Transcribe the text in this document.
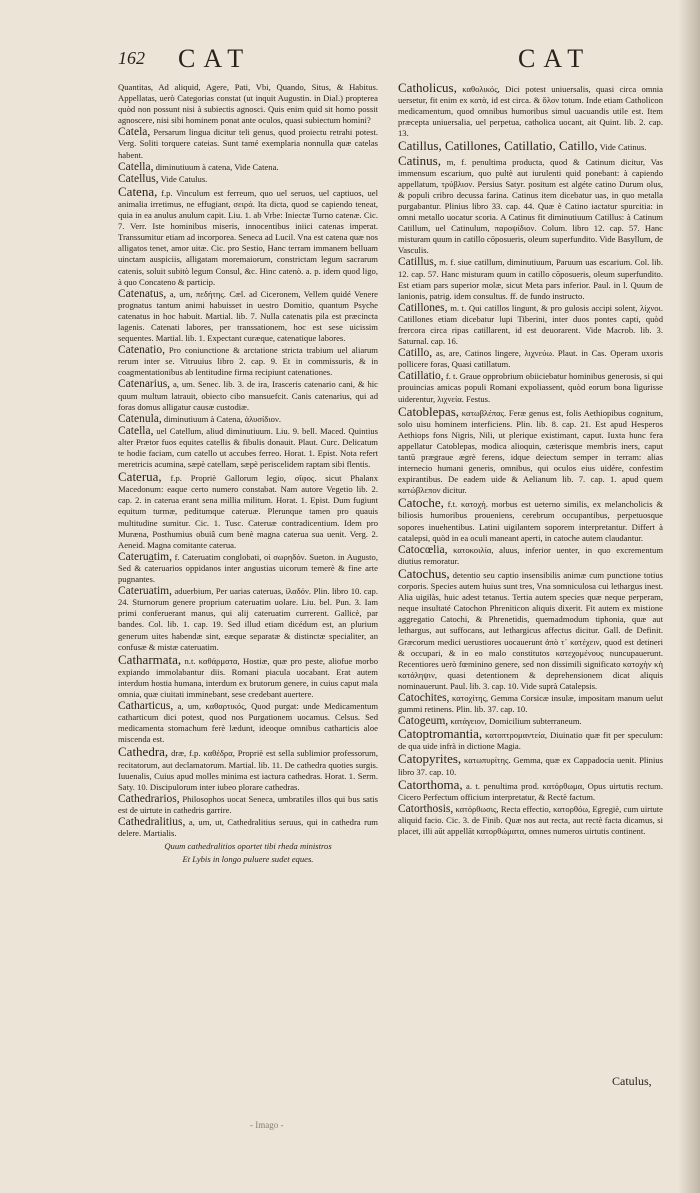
162 CAT	CAT
Quantitas, Ad aliquid, Agere, Pati, Vbi, Quando, Situs, & Habitus. Appellatas, uerò Categorias constat (ut inquit Augustin. in Dial.) propterea quòd non possunt nisi à subiectis agnosci. Quis enim quid sit homo possit agnoscere, nisi sibi hominem ponat ante oculos, quasi subiectum homini?
Catela, Persarum lingua dicitur teli genus, quod proiectu retrahi potest. Verg. Soliti torquere cateias. Sunt tamé exemplaria nonnulla quæ catelas habent.
Catella, diminutiuum à catena, Vide Catena.
Catellus, Vide Catulus.
Catena, f.p. Vinculum est ferreum, quo uel seruos, uel captiuos, uel animalia irretimus, ne effugiant, σειρά. Ita dicta, quod se capiendo teneat, quia in ea anulus anulum capit. Liu. 1. ab Vrbe: Iniectæ Turno catenæ. Cic. 7. Verr. Iste hominibus miseris, innocentibus iniici catenas imperat. Transsumitur etiam ad incorporea. Seneca ad Lucil. Vna est catena quæ nos alligatos tenet, amor uitæ. Cic. pro Sestio, Hanc terram immanem belluam uinctam auspiciis, alligatam moremaiorum, constrictam legum sacrarum catenis, soluit subitò legum Consul, &c. Hinc catenò. a. p. idem quod ligo, à quo Concateno & particip.
Catenatus, a, um, πεδήτης. Cæl. ad Ciceronem, Vellem quidé Venere prognatus tantum animi habuisset in uestro Domitio, quantum Psyche catenatus in hoc habuit. Martial. lib. 7. Nulla catenatis pila est præcincta lagenis. Catenati labores, per transsationem, hoc est sese uicissim sequentes. Martial. lib. 1. Expectant curæque, catenatique labores.
Catenatio, Pro coniunctione & arctatione stricta trabium uel aliarum rerum inter se. Vitruuius libro 2. cap. 9. Et in commissuris, & in coagmentationibus ab lentitudine firma recipiunt catenationes.
Catenarius, a, um. Senec. lib. 3. de ira, Irasceris catenario cani, & hic quum multum latrauit, obiecto cibo mansuefcit. Canis catenarius, qui ad foras domus alligatur causæ custodiæ.
Catenula, diminutiuum à Catena, ἁλυσίδιον.
Catella, uel Catellum, aliud diminutiuum. Liu. 9. bell. Maced. Quintius alter Prætor fuos equites catellis & fibulis donauit. Plaut. Curc. Delicatum te hodie faciam, cum catello ut accubes ferreo. Horat. 1. Epist. Nota refert meretricis acumina, sæpè catellam, sæpè periscelidem raptam sibi flentis.
Caterua, f.p. Propriè Gallorum legio, σῖφος. sicut Phalanx Macedonum: eaque certo numero constabat. Nam autore Vegetio lib. 2. cap. 2. in caterua erant sena millia militum. Horat. 1. Epist. Dum fugiunt equitum turmæ, peditumque cateruæ. Plerunque tamen pro quauis multitudine sumitur. Cic. 1. Tusc. Cateruæ contradicentium. Idem pro Muræna, Posthumius obuiâ cum benè magna caterua sua uenit. Verg. 2. Aeneid. Magna comitante caterua.
Caterua̲tim, f. Cateruatim conglobati, οἱ σωρηδόν. Sueton. in Augusto, Sed & cateruarios oppidanos inter angustias uicorum temerè & fine arte pugnantes.
Cateruatim, aduerbium, Per uarias cateruas, ἰλαδόν. Plin. libro 10. cap. 24. Sturnorum genere proprium cateruatim uolare. Liu. bel. Pun. 3. Iam primi conferuerant manus, qui alij cateruatim currerent. Gallicè, par bandes. Col. lib. 1. cap. 19. Sed illud etiam dicédum est, an plurium generum uites habendæ sint, eæque separatæ & distinctæ specialiter, an confusæ & mistæ cateruatim.
Catharmata, n.t. καθάρματα, Hostiæ, quæ pro peste, aliofue morbo expiando immolabantur diis. Romani piacula uocabant. Erat autem interdum hostia humana, interdum ex brutorum genere, in cuius caput mala omnia, quæ ciuitati imminebant, sese credebant auertere.
Catharticus, a, um, καθαρτικός, Quod purgat: unde Medicamentum catharticum dici potest, quod nos Purgationem uocamus. Celsus. Sed medicamenta stomachum ferè lædunt, ideoque omnibus catharticis aloe miscenda est.
Cathedra, dræ, f.p. καθέδρα, Propriè est sella sublimior professorum, recitatorum, aut declamatorum. Martial. lib. 11. De cathedra quoties surgis. Iuuenalis, Cuius apud molles minima est iactura cathedras. Horat. 1. Serm. Saty. 10. Discipulorum inter iubeo plorare cathedras.
Cathedrarios, Philosophos uocat Seneca, umbratiles illos qui bus satis est de uirtute in cathedris garrire.
Cathedralitius, a, um, ut, Cathedralitius seruus, qui in cathedra rum delere. Martialis.
Quum cathedralitios oportet tibi rheda ministros
Et Lybis in longo puluere sudet eques.
Catholicus, καθολικός, Dici potest uniuersalis, quasi circa omnia uersetur, fit enim ex κατὰ, id est circa. & ὅλον totum. Inde etiam Catholicon medicamentum, quod omnibus humoribus simul uacuandis utile est. Item præcepta uniuersalia, uel perpetua, catholica uocant, ait Quint. lib. 2. cap. 13.
Catillus, Catillones, Catillatio, Catillo, Vide Catinus.
Catinus, m, f. penultima producta, quod & Catinum dicitur, Vas immensum escarium, quo pultè aut iurulenti quid ponebant: à capiendo appellatum, τρύβλιον. Persius Satyr. positum est algéte catino Durum olus, & populi cribro decussa farina. Catinus item dicebatur uas, in quo metalla purgabantur. Plinius libro 33. cap. 44. Quæ è Catino iactatur spurcitia: in omni metallo uocatur scoria. A Catinus fit diminutiuum Catillus: à Catinum Catillum, uel Catinulum, παροψίδιον. Colum. libro 12. cap. 57. Hanc misturam quum in catillo cōposueris, oleum superfundito. Vide Basyllum, de Vasculis.
Catillus, m. f. siue catillum, diminutiuum, Paruum uas escarium. Col. lib. 12. cap. 57. Hanc misturam quum in catillo cōposueris, oleum superfundito. Est etiam pars superior molæ, sicut Meta pars inferior. Paul. in l. Quum de lanionis, patrig. idem consultus. ff. de fundo instructo.
Catillones, m. t. Qui catillos lingunt, & pro gulosis accipi solent, λίχνοι. Catillones etiam dicebatur lupi Tiberini, inter duos pontes capti, quòd frercora circa ripas catillarent, id est deuorarent. Vide Macrob. lib. 3. Saturnal. cap. 16.
Catillo, as, are, Catinos lingere, λιχνεύω. Plaut. in Cas. Operam uxoris pollicere foras, Quasi catillatum.
Catillatio, f. t. Graue opprobrium obiiciebatur hominibus generosis, si qui prouincias amicas populi Romani expoliassent, quòd eorum bona ligurisse uiderentur, λιχνεία. Festus.
Catoblepas, κατωβλέπας. Feræ genus est, folis Aethiopibus cognitum, solo uisu hominem interficiens. Plin. lib. 8. cap. 21. Est apud Hesperos Aethiops fons Nigris, Nili, ut plerique existimant, caput. Iuxta hunc fera appellatur Catoblepas, modica alioquin, cæterisque membris iners, caput tantū prægraue ægrè ferens, idque deiectum semper in terram: alias internecio humani generis, omnibus, qui oculos eius uidére, confestim expirantibus. De eadem uide & Aelianum lib. 7. cap. 1. apud quem κατώβλεπον dicitur.
Catoche, f.t. κατοχὴ. morbus est ueterno similis, ex melancholicis & biliosis humoribus proueniens, cerebrum occupantibus, perpetuosque sopores inuehentibus. Latini uigilantem soporem interpretantur. Differt à catalepsi, quòd in ea oculi maneant aperti, in catoche autem claudantur.
Catocœlia, κατοκοιλία, aluus, inferior uenter, in quo excrementum diutius remoratur.
Catochus, detentio seu captio insensibilis animæ cum punctione totius corporis. Species autem huius sunt tres, Vna somniculosa cui lethargus inest. Alia uigilàs, huic adest tetanus. Tertia autem species quæ neque perperam, neque insultaté Catochon Phreniticon aliquis dixerit. Fit autem ex mistione aggregatio Catochi, & Phrenetidis, quemadmodum tiphonia, quæ aut lethargus, aut suffocans, aut lethargicus affectus dicitur. Gall. de Definit. Græcorum medici uerustiores uocauerunt ἀπὸ τ᾿ κατέχειν, quod est detineri & occupari, & in eo malo constitutos κατεχομένους nuncupauerunt. Recentiores uerò fœminino genere, sed non dissimili significato κατοχὴν κὴ κατάληψιν, quasi detentionem & deprehensionem dicat aliquis nominauerunt. Paul. lib. 3. cap. 10. Vide suprà Catalepsis.
Catochites, κατοχίτης, Gemma Corsicæ insulæ, impositam manum uelut gummi retinens. Plin. lib. 37. cap. 10.
Catogeum, κατάγειον, Domicilium subterraneum.
Catoptromantia, κατοπτρομαντεία, Diuinatio quæ fit per speculum: de qua uide infrà in dictione Magia.
Catopyrites, κατωπυρίτης. Gemma, quæ ex Cappadocia uenit. Plinius libro 37. cap. 10.
Catorthoma, a. t. penultima prod. κατόρθωμα, Opus uirtutis rectum. Cicero Perfectum officium interpretatur, & Rectè factum.
Catorthosis, κατόρθωσις, Recta effectio, κατορθόω, Egregiè, cum uirtute aliquid facio. Cic. 3. de Finib. Quæ nos aut recta, aut rectè facta dicamus, si placet, illi aūt appellāt κατορθώματα, omnes numeros uirtutis continent.
Catulus,
- Imago -
